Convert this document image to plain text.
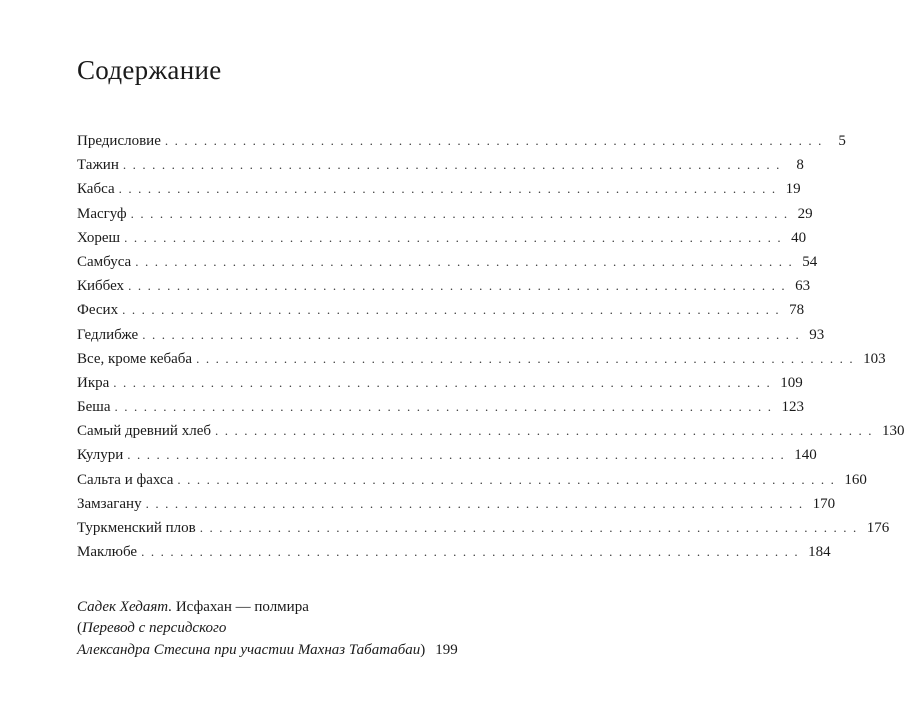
Содержание
Предисловие .................................................................... 5
Тажин .................................................................... 8
Кабса .................................................................... 19
Масгуф .................................................................... 29
Хореш .................................................................... 40
Самбуса .................................................................... 54
Киббех .................................................................... 63
Фесих .................................................................... 78
Гедлибже .................................................................... 93
Все, кроме кебаба .................................................................... 103
Икра .................................................................... 109
Беша .................................................................... 123
Самый древний хлеб .................................................................... 130
Кулури .................................................................... 140
Сальта и фахса .................................................................... 160
Замзагану .................................................................... 170
Туркменский плов .................................................................... 176
Маклюбе .................................................................... 184
Садек Хедаят. Исфахан — полмира
(Перевод с персидского
Александра Стесина при участии Махназ Табатабаи) 199
